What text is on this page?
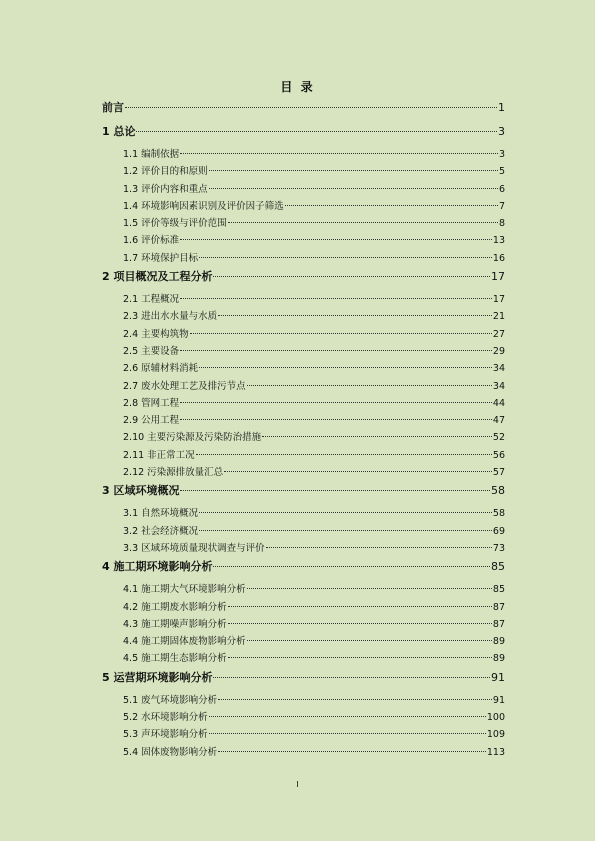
目 录
前言	1
1 总论	3
1.1 编制依据	3
1.2 评价目的和原则	5
1.3 评价内容和重点	6
1.4 环境影响因素识别及评价因子筛选	7
1.5 评价等级与评价范围	8
1.6 评价标准	13
1.7 环境保护目标	16
2 项目概况及工程分析	17
2.1 工程概况	17
2.3 进出水水量与水质	21
2.4 主要构筑物	27
2.5 主要设备	29
2.6 原辅材料消耗	34
2.7 废水处理工艺及排污节点	34
2.8 管网工程	44
2.9 公用工程	47
2.10 主要污染源及污染防治措施	52
2.11 非正常工况	56
2.12 污染源排放量汇总	57
3 区域环境概况	58
3.1 自然环境概况	58
3.2 社会经济概况	69
3.3 区域环境质量现状调查与评价	73
4 施工期环境影响分析	85
4.1 施工期大气环境影响分析	85
4.2 施工期废水影响分析	87
4.3 施工期噪声影响分析	87
4.4 施工期固体废物影响分析	89
4.5 施工期生态影响分析	89
5 运营期环境影响分析	91
5.1 废气环境影响分析	91
5.2 水环境影响分析	100
5.3 声环境影响分析	109
5.4 固体废物影响分析	113
I
